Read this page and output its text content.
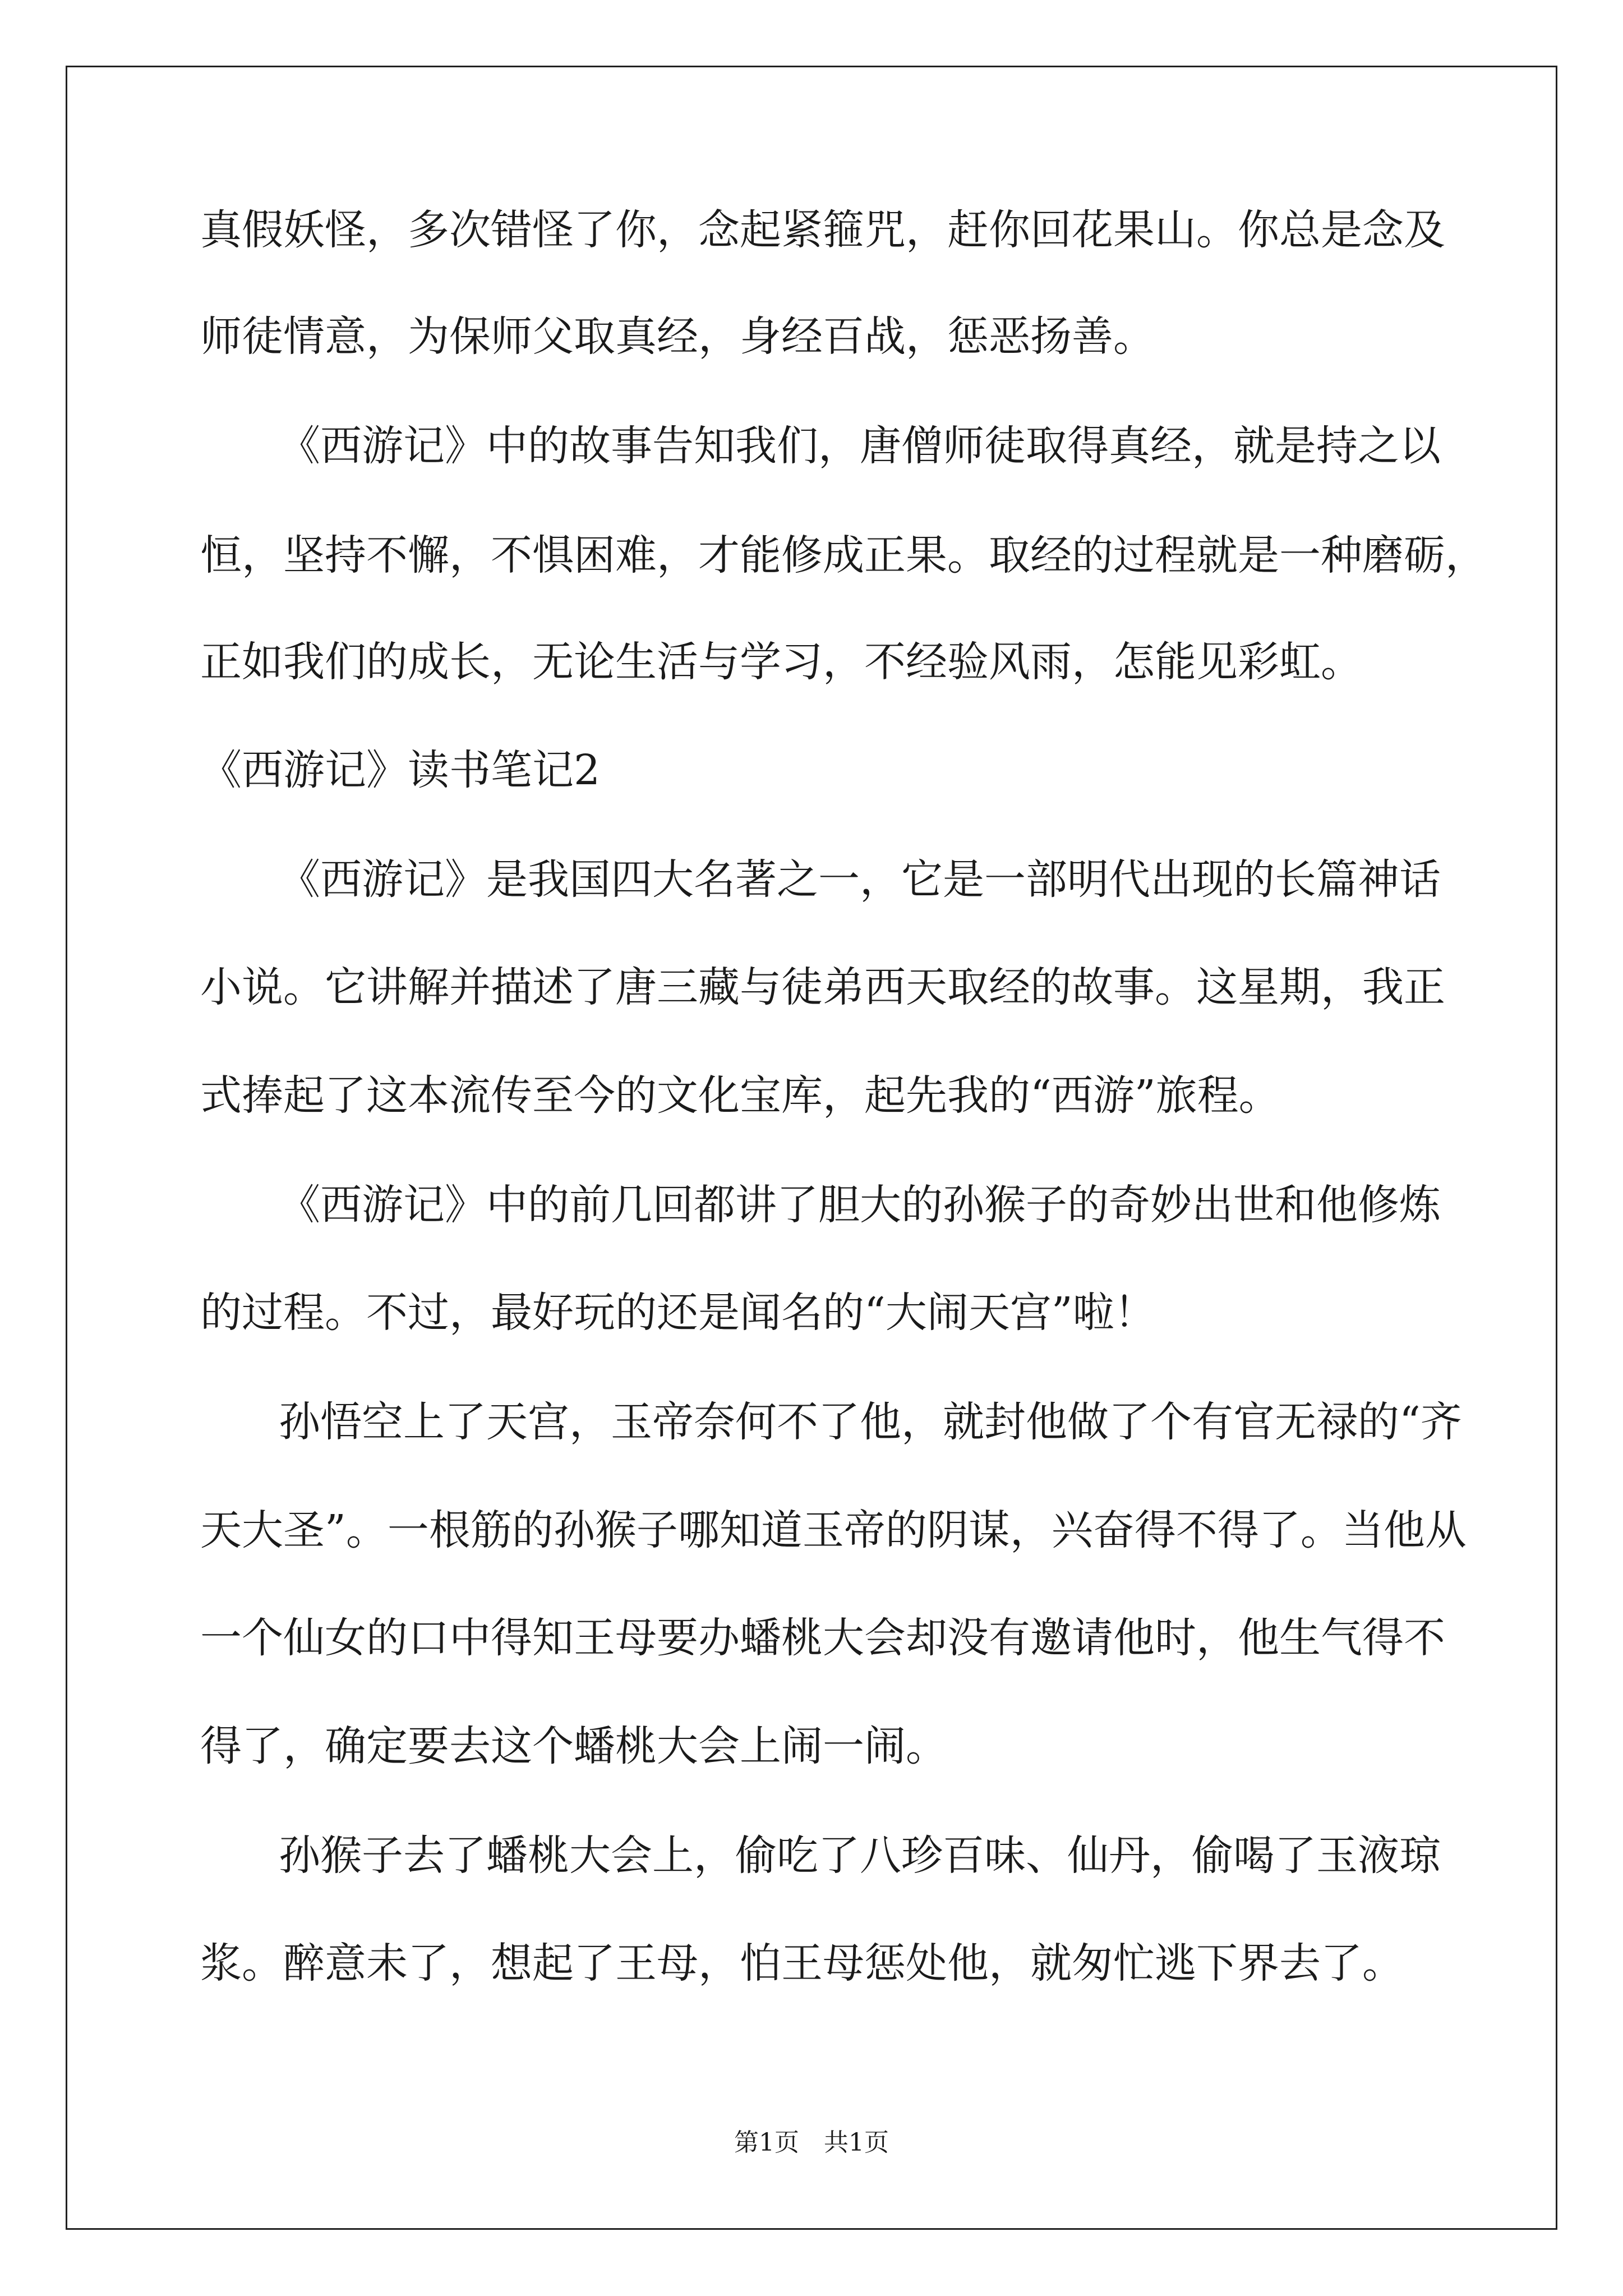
真假妖怪，多次错怪了你，念起紧箍咒，赶你回花果山。你总是念及
师徒情意，为保师父取真经，身经百战，惩恶扬善。
《西游记》中的故事告知我们，唐僧师徒取得真经，就是持之以
恒，坚持不懈，不惧困难，才能修成正果。取经的过程就是一种磨砺，
正如我们的成长，无论生活与学习，不经验风雨，怎能见彩虹。
《西游记》读书笔记2
《西游记》是我国四大名著之一，它是一部明代出现的长篇神话
小说。它讲解并描述了唐三藏与徒弟西天取经的故事。这星期，我正
式捧起了这本流传至今的文化宝库，起先我的“西游”旅程。
《西游记》中的前几回都讲了胆大的孙猴子的奇妙出世和他修炼
的过程。不过，最好玩的还是闻名的“大闹天宫”啦！
孙悟空上了天宫，玉帝奈何不了他，就封他做了个有官无禄的“齐
天大圣”。一根筋的孙猴子哪知道玉帝的阴谋，兴奋得不得了。当他从
一个仙女的口中得知王母要办蟠桃大会却没有邀请他时，他生气得不
得了，确定要去这个蟠桃大会上闹一闹。
孙猴子去了蟠桃大会上，偷吃了八珍百味、仙丹，偷喝了玉液琼
浆。醉意未了，想起了王母，怕王母惩处他，就匆忙逃下界去了。
第1页　共1页
